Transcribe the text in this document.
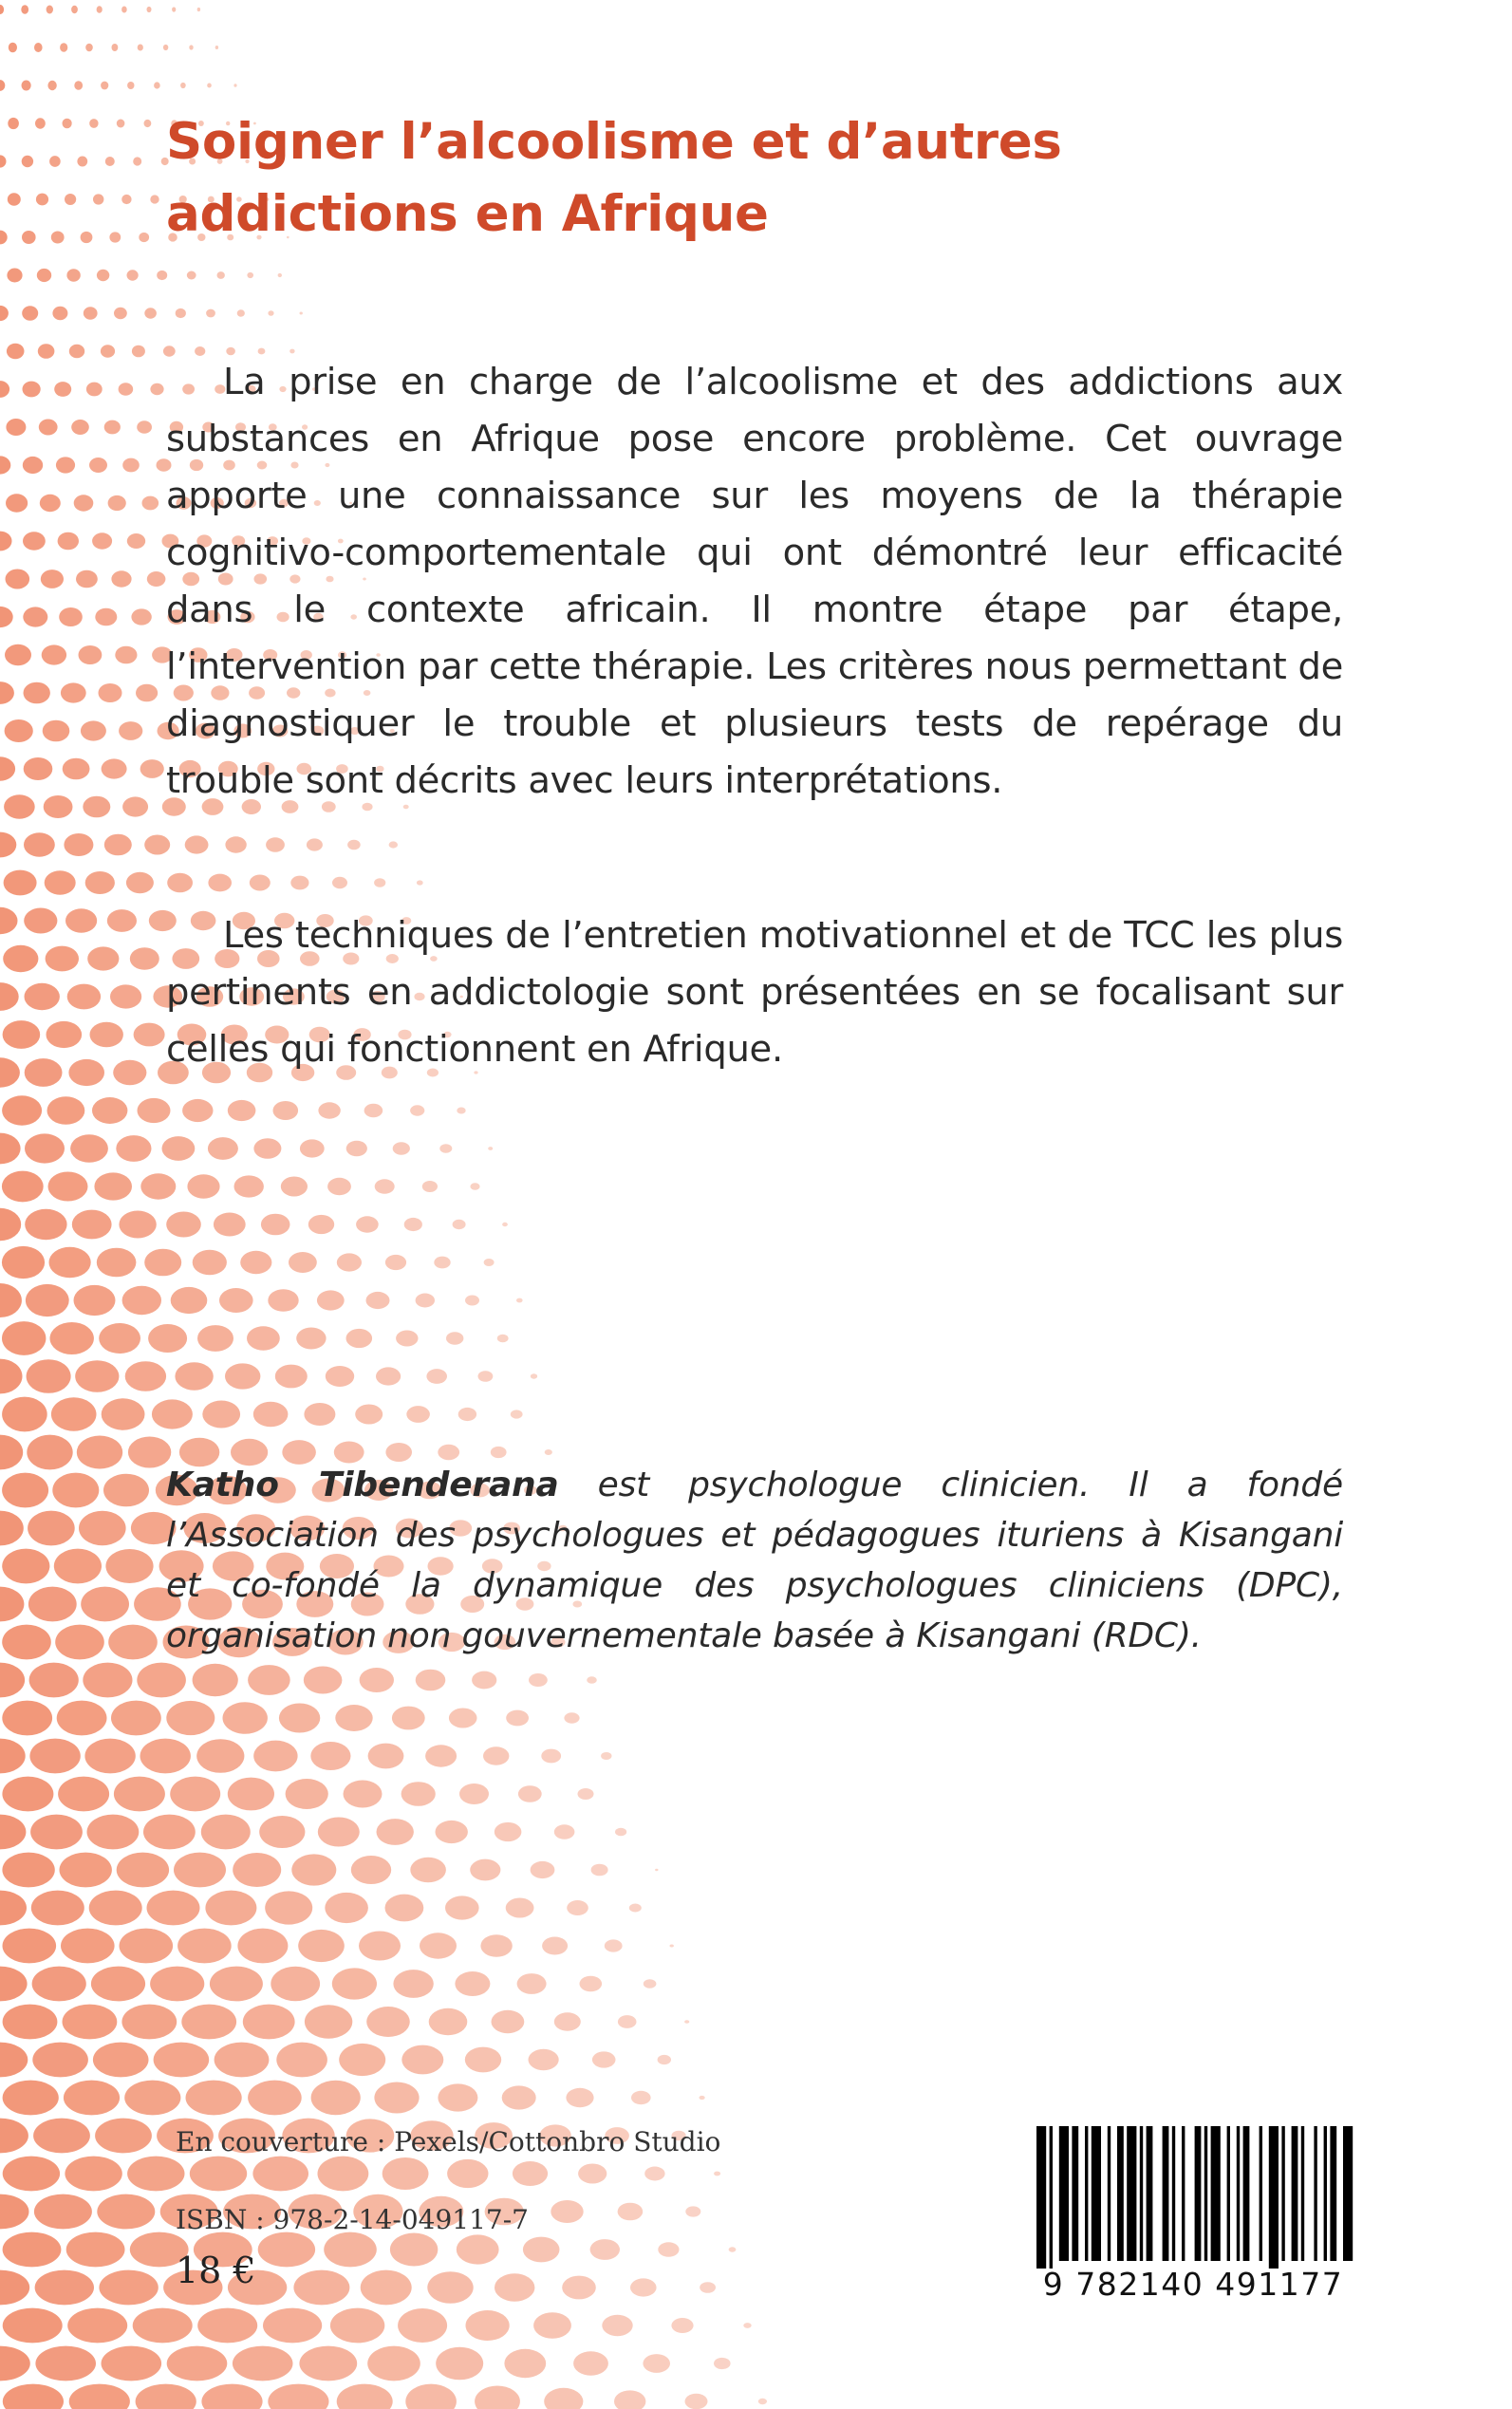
Soigner l’alcoolisme et d’autres addictions en Afrique

La prise en charge de l’alcoolisme et des addictions aux substances en Afrique pose encore problème. Cet ouvrage apporte une connaissance sur les moyens de la thérapie cognitivo-comportementale qui ont démontré leur efficacité dans le contexte africain. Il montre étape par étape, l’intervention par cette thérapie. Les critères nous permettant de diagnostiquer le trouble et plusieurs tests de repérage du trouble sont décrits avec leurs interprétations.

Les techniques de l’entretien motivationnel et de TCC les plus pertinents en addictologie sont présentées en se focalisant sur celles qui fonctionnent en Afrique.

Katho Tibenderana est psychologue clinicien. Il a fondé l’Association des psychologues et pédagogues ituriens à Kisangani et co-fondé la dynamique des psychologues cliniciens (DPC), organisation non gouvernementale basée à Kisangani (RDC).

En couverture : Pexels/Cottonbro Studio

ISBN : 978-2-14-049117-7

18 €	9 782140 491177
